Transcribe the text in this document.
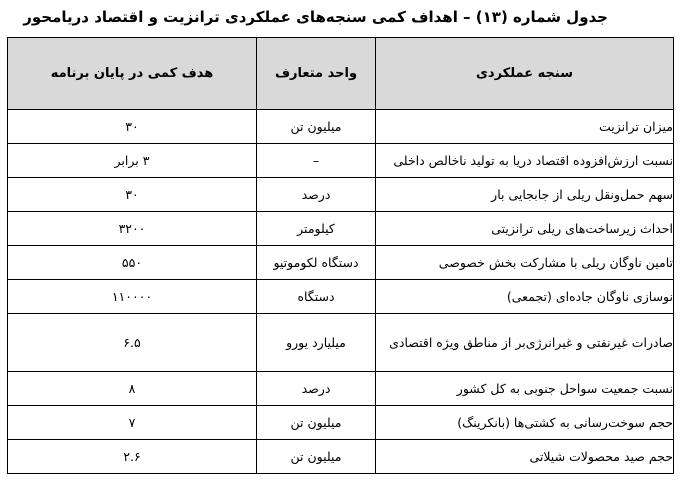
جدول شماره (۱۳) – اهداف کمی سنجه‌های عملکردی ترانزیت و اقتصاد دریامحور
سنجه عملکردی	واحد متعارف	هدف کمی در پایان برنامه
میزان ترانزیت	میلیون تن	۳۰
نسبت ارزش‌افزوده اقتصاد دریا به تولید ناخالص داخلی	–	۳ برابر
سهم حمل‌ونقل ریلی از جابجایی بار	درصد	۳۰
احداث زیرساخت‌های ریلی ترانزیتی	کیلومتر	۳۲۰۰
تامین ناوگان ریلی با مشارکت بخش خصوصی	دستگاه لکوموتیو	۵۵۰
نوسازی ناوگان جاده‌ای (تجمعی)	دستگاه	۱۱۰۰۰۰
صادرات غیرنفتی و غیرانرژی‌بر از مناطق ویژه اقتصادی	میلیارد یورو	۶.۵
نسبت جمعیت سواحل جنوبی به کل کشور	درصد	۸
حجم سوخت‌رسانی به کشتی‌ها (بانکرینگ)	میلیون تن	۷
حجم صید محصولات شیلاتی	میلیون تن	۲.۶
